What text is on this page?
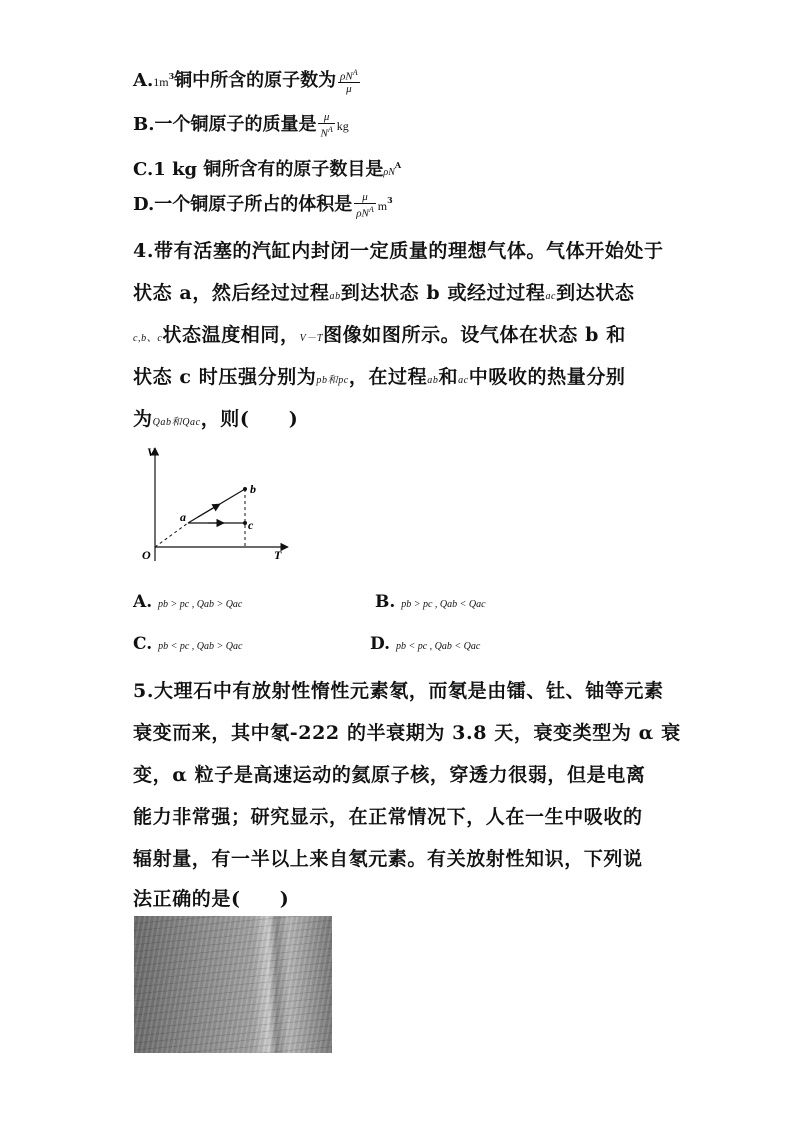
$A.1m^3$铜中所含的原子数为 $\frac{\rho N^A}{\mu}$
B.一个铜原子的质量是 $\frac{\mu}{N^A}$ kg
C.1 kg 铜所含有的原子数目是$\rho N^A$
D.一个铜原子所占的体积是 $\frac{\mu}{\rho N^A} m^3$
4.带有活塞的汽缸内封闭一定质量的理想气体。气体开始处于
状态 a，然后经过过程ab到达状态 b 或经过过程ac到达状态
c,b、c状态温度相同，V－T图像如图所示。设气体在状态 b 和
状态 c 时压强分别为pb和pc，在过程ab和ac中吸收的热量分别
为Qab和Qac，则(　　)
V
T
O
a
b
c
A. pb > pc , Qab > Qac	B. pb > pc , Qab < Qac
C. pb < pc , Qab > Qac	D. pb < pc , Qab < Qac
5.大理石中有放射性惰性元素氡，而氡是由镭、钍、铀等元素
衰变而来，其中氡-222 的半衰期为 3.8 天，衰变类型为 α 衰
变，α 粒子是高速运动的氦原子核，穿透力很弱，但是电离
能力非常强；研究显示，在正常情况下，人在一生中吸收的
辐射量，有一半以上来自氡元素。有关放射性知识，下列说
法正确的是(　　)
